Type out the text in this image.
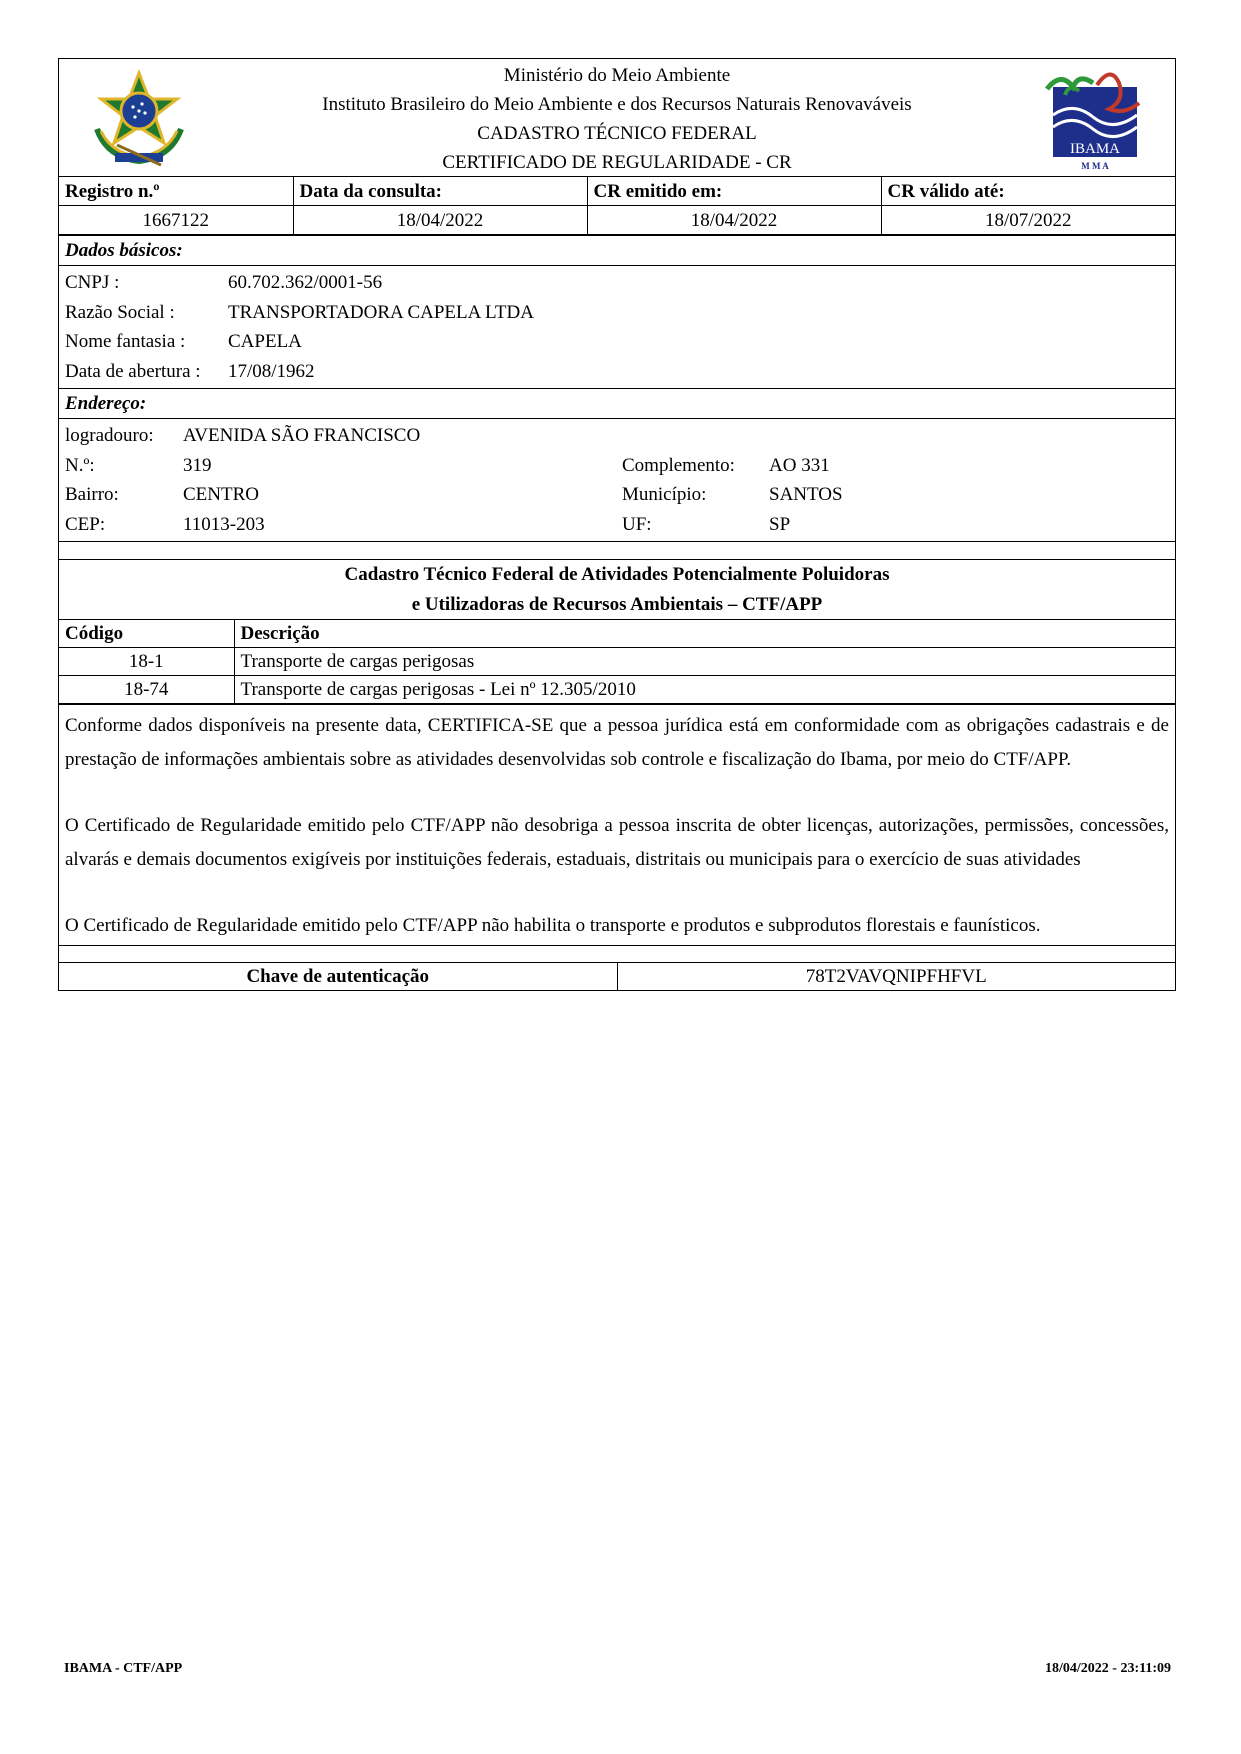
Ministério do Meio Ambiente
Instituto Brasileiro do Meio Ambiente e dos Recursos Naturais Renovaváveis
CADASTRO TÉCNICO FEDERAL
CERTIFICADO DE REGULARIDADE - CR
IBAMA
M M A
Registro n.º	Data da consulta:	CR emitido em:	CR válido até:
1667122	18/04/2022	18/04/2022	18/07/2022
Dados básicos:
CNPJ :	60.702.362/0001-56
Razão Social :	TRANSPORTADORA CAPELA LTDA
Nome fantasia :	CAPELA
Data de abertura :	17/08/1962
Endereço:
logradouro:	AVENIDA SÃO FRANCISCO
N.º:	319	Complemento:	AO 331
Bairro:	CENTRO	Município:	SANTOS
CEP:	11013-203	UF:	SP
Cadastro Técnico Federal de Atividades Potencialmente Poluidoras
e Utilizadoras de Recursos Ambientais – CTF/APP
Código	Descrição
18-1	Transporte de cargas perigosas
18-74	Transporte de cargas perigosas - Lei nº 12.305/2010

Conforme dados disponíveis na presente data, CERTIFICA-SE que a pessoa jurídica está em conformidade com as obrigações cadastrais e de prestação de informações ambientais sobre as atividades desenvolvidas sob controle e fiscalização do Ibama, por meio do CTF/APP.

O Certificado de Regularidade emitido pelo CTF/APP não desobriga a pessoa inscrita de obter licenças, autorizações, permissões, concessões, alvarás e demais documentos exigíveis por instituições federais, estaduais, distritais ou municipais para o exercício de suas atividades

O Certificado de Regularidade emitido pelo CTF/APP não habilita o transporte e produtos e subprodutos florestais e faunísticos.

Chave de autenticação	78T2VAVQNIPFHFVL
IBAMA - CTF/APP	18/04/2022 - 23:11:09
